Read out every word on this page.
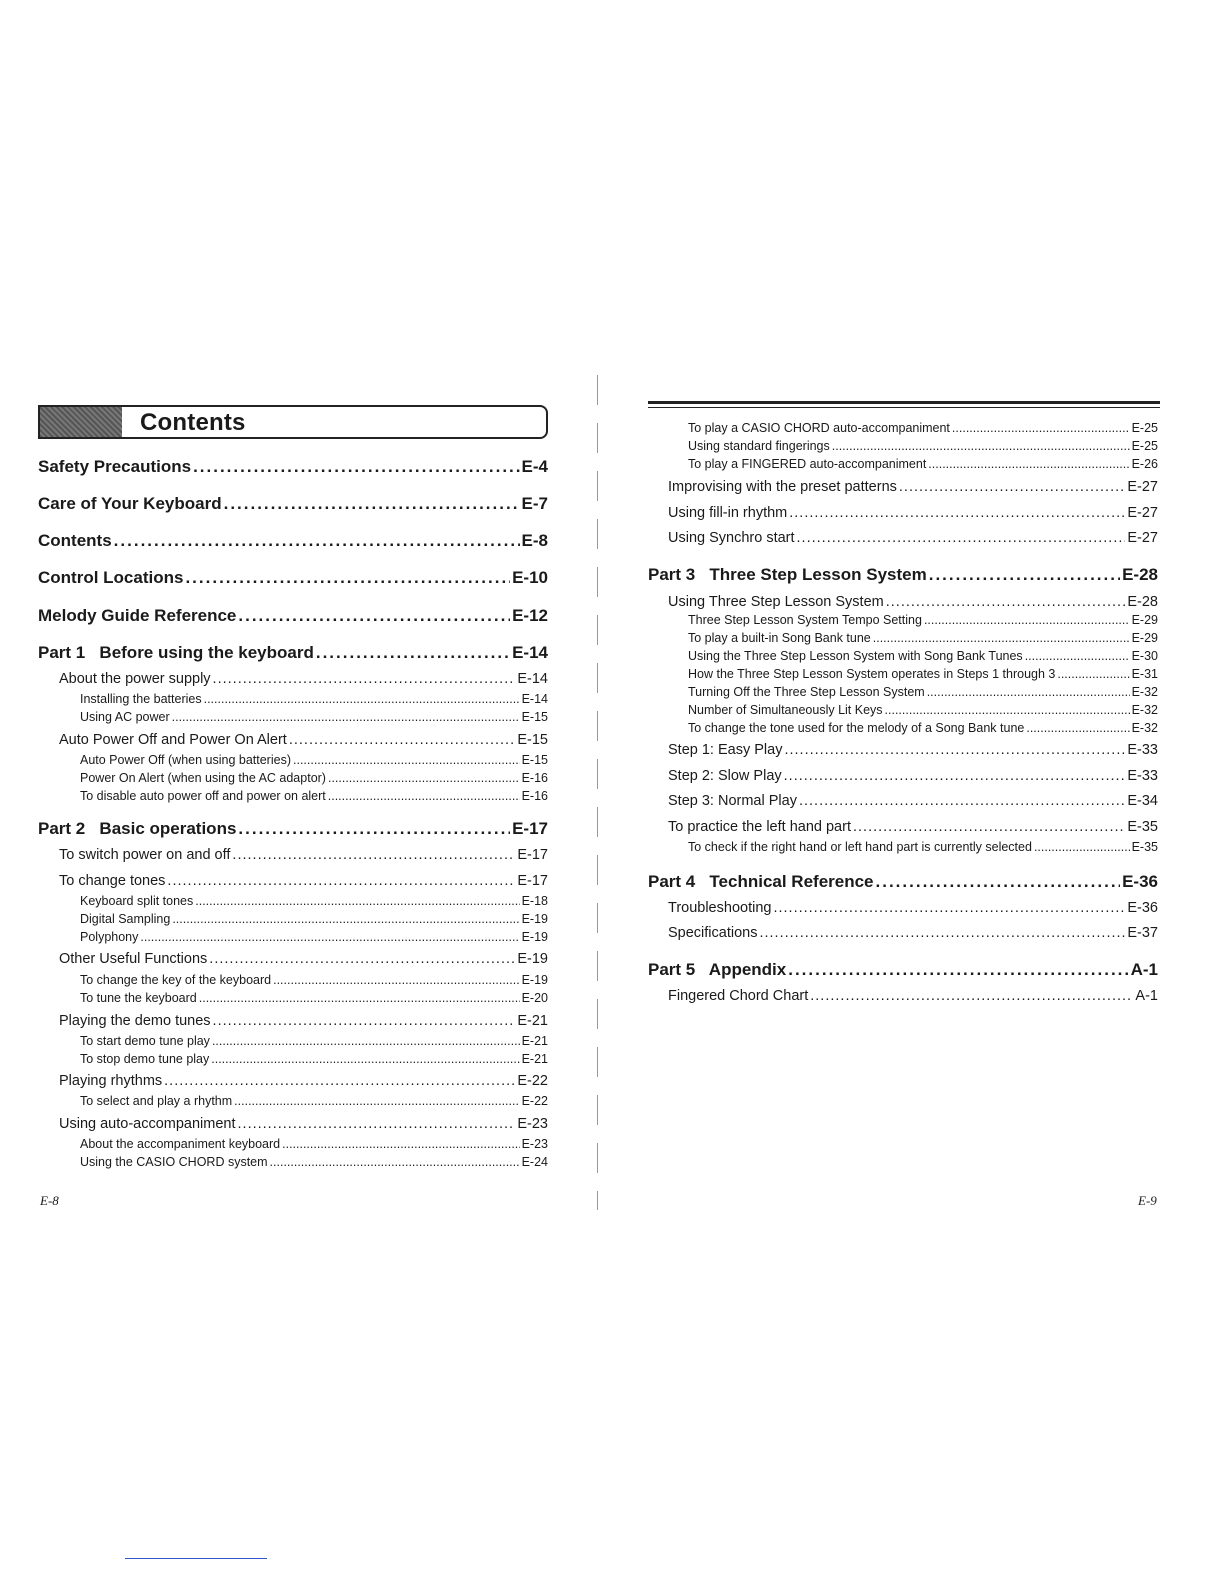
Contents
Safety Precautions .....	E-4
Care of Your Keyboard .....	E-7
Contents .....	E-8
Control Locations .....	E-10
Melody Guide Reference .....	E-12
Part 1   Before using the keyboard .....	E-14
About the power supply .....	E-14
Installing the batteries .....	E-14
Using AC power .....	E-15
Auto Power Off and Power On Alert .....	E-15
Auto Power Off (when using batteries) .....	E-15
Power On Alert (when using the AC adaptor) .....	E-16
To disable auto power off and power on alert .....	E-16
Part 2   Basic operations .....	E-17
To switch power on and off .....	E-17
To change tones .....	E-17
Keyboard split tones .....	E-18
Digital Sampling .....	E-19
Polyphony .....	E-19
Other Useful Functions .....	E-19
To change the key of the keyboard .....	E-19
To tune the keyboard .....	E-20
Playing the demo tunes .....	E-21
To start demo tune play .....	E-21
To stop demo tune play .....	E-21
Playing rhythms .....	E-22
To select and play a rhythm .....	E-22
Using auto-accompaniment .....	E-23
About the accompaniment keyboard .....	E-23
Using the CASIO CHORD system .....	E-24
To play a CASIO CHORD auto-accompaniment .....	E-25
Using standard fingerings .....	E-25
To play a FINGERED auto-accompaniment .....	E-26
Improvising with the preset patterns .....	E-27
Using fill-in rhythm .....	E-27
Using Synchro start .....	E-27
Part 3   Three Step Lesson System .....	E-28
Using Three Step Lesson System .....	E-28
Three Step Lesson System Tempo Setting .....	E-29
To play a built-in Song Bank tune .....	E-29
Using the Three Step Lesson System with Song Bank Tunes .....	E-30
How the Three Step Lesson System operates in Steps 1 through 3 .....	E-31
Turning Off the Three Step Lesson System .....	E-32
Number of Simultaneously Lit Keys .....	E-32
To change the tone used for the melody of a Song Bank tune .....	E-32
Step 1: Easy Play .....	E-33
Step 2: Slow Play .....	E-33
Step 3: Normal Play .....	E-34
To practice the left hand part .....	E-35
To check if the right hand or left hand part is currently selected .....	E-35
Part 4   Technical Reference .....	E-36
Troubleshooting .....	E-36
Specifications .....	E-37
Part 5   Appendix .....	A-1
Fingered Chord Chart .....	A-1
E-8	E-9
